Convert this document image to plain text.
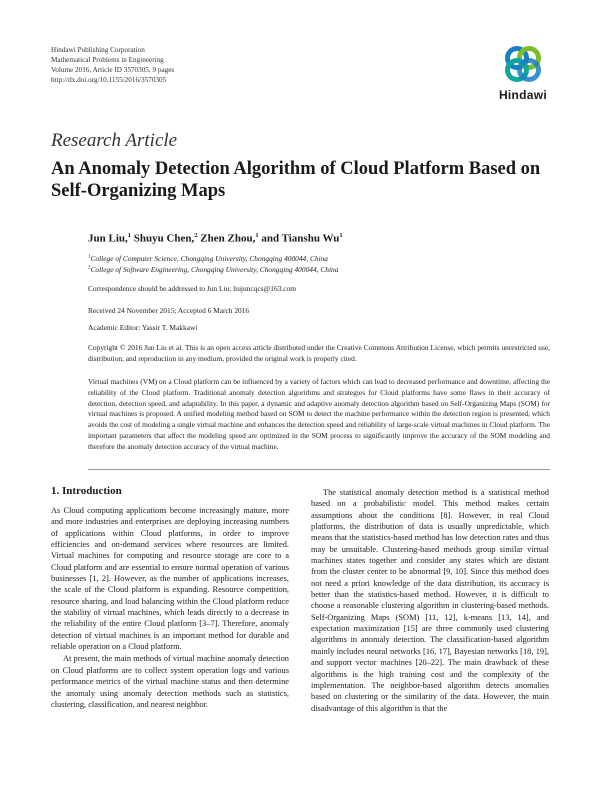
Hindawi Publishing Corporation
Mathematical Problems in Engineering
Volume 2016, Article ID 3570305, 9 pages
http://dx.doi.org/10.1155/2016/3570305
Hindawi
Research Article
An Anomaly Detection Algorithm of Cloud Platform Based on Self-Organizing Maps
Jun Liu,$^1$ Shuyu Chen,$^2$ Zhen Zhou,$^1$ and Tianshu Wu$^1$
$^1$College of Computer Science, Chongqing University, Chongqing 400044, China
$^2$College of Software Engineering, Chongqing University, Chongqing 400044, China
Correspondence should be addressed to Jun Liu; liujuncqcs@163.com
Received 24 November 2015; Accepted 6 March 2016
Academic Editor: Yassir T. Makkawi
Copyright © 2016 Jun Liu et al. This is an open access article distributed under the Creative Commons Attribution License, which permits unrestricted use, distribution, and reproduction in any medium, provided the original work is properly cited.
Virtual machines (VM) on a Cloud platform can be influenced by a variety of factors which can lead to decreased performance and downtime, affecting the reliability of the Cloud platform. Traditional anomaly detection algorithms and strategies for Cloud platforms have some flaws in their accuracy of detection, detection speed, and adaptability. In this paper, a dynamic and adaptive anomaly detection algorithm based on Self-Organizing Maps (SOM) for virtual machines is proposed. A unified modeling method based on SOM to detect the machine performance within the detection region is presented, which avoids the cost of modeling a single virtual machine and enhances the detection speed and reliability of large-scale virtual machines in Cloud platform. The important parameters that affect the modeling speed are optimized in the SOM process to significantly improve the accuracy of the SOM modeling and therefore the anomaly detection accuracy of the virtual machine.
1. Introduction

As Cloud computing applications become increasingly mature, more and more industries and enterprises are deploying increasing numbers of applications within Cloud platforms, in order to improve efficiencies and on-demand services where resources are limited. Virtual machines for computing and resource storage are core to a Cloud platform and are essential to ensure normal operation of various businesses [1, 2]. However, as the number of applications increases, the scale of the Cloud platform is expanding. Resource competition, resource sharing, and load balancing within the Cloud platform reduce the stability of virtual machines, which leads directly to a decrease in the reliability of the entire Cloud platform [3–7]. Therefore, anomaly detection of virtual machines is an important method for durable and reliable operation on a Cloud platform.

At present, the main methods of virtual machine anomaly detection on Cloud platforms are to collect system operation logs and various performance metrics of the virtual machine status and then determine the anomaly using anomaly detection methods such as statistics, clustering, classification, and nearest neighbor.

The statistical anomaly detection method is a statistical method based on a probabilistic model. This method makes certain assumptions about the conditions [8]. However, in real Cloud platforms, the distribution of data is usually unpredictable, which means that the statistics-based method has low detection rates and thus may be unsuitable. Clustering-based methods group similar virtual machines states together and consider any states which are distant from the cluster center to be abnormal [9, 10]. Since this method does not need a priori knowledge of the data distribution, its accuracy is better than the statistics-based method. However, it is difficult to choose a reasonable clustering algorithm in clustering-based methods. Self-Organizing Maps (SOM) [11, 12], k-means [13, 14], and expectation maximization [15] are three commonly used clustering algorithms in anomaly detection. The classification-based algorithm mainly includes neural networks [16, 17], Bayesian networks [18, 19], and support vector machines [20–22]. The main drawback of these algorithms is the high training cost and the complexity of the implementation. The neighbor-based algorithm detects anomalies based on clustering or the similarity of the data. However, the main disadvantage of this algorithm is that the
